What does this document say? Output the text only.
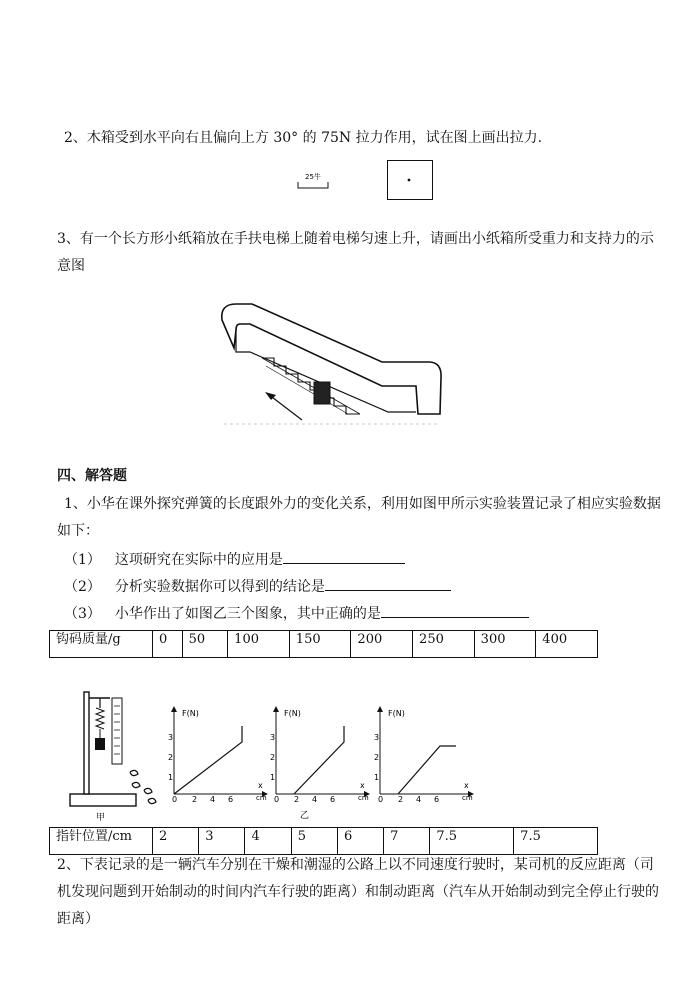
2、木箱受到水平向右且偏向上方 30° 的 75N 拉力作用，试在图上画出拉力.
25牛
3、有一个长方形小纸箱放在手扶电梯上随着电梯匀速上升，请画出小纸箱所受重力和支持力的示
意图
四、解答题
1、小华在课外探究弹簧的长度跟外力的变化关系，利用如图甲所示实验装置记录了相应实验数据
如下：
（1） 这项研究在实际中的应用是
（2） 分析实验数据你可以得到的结论是
（3） 小华作出了如图乙三个图象，其中正确的是
钩码质量/g	0	50	100	150	200	250	300	400
甲
F(N)
x
cm
3
2
1
0 2 4 6
F(N)
x
cm
3
2
1
0 2 4 6
乙
F(N)
x
cm
3
2
1
0 2 4 6
指针位置/cm	2	3	4	5	6	7	7.5	7.5
2、下表记录的是一辆汽车分别在干燥和潮湿的公路上以不同速度行驶时，某司机的反应距离（司
机发现问题到开始制动的时间内汽车行驶的距离）和制动距离（汽车从开始制动到完全停止行驶的
距离）
